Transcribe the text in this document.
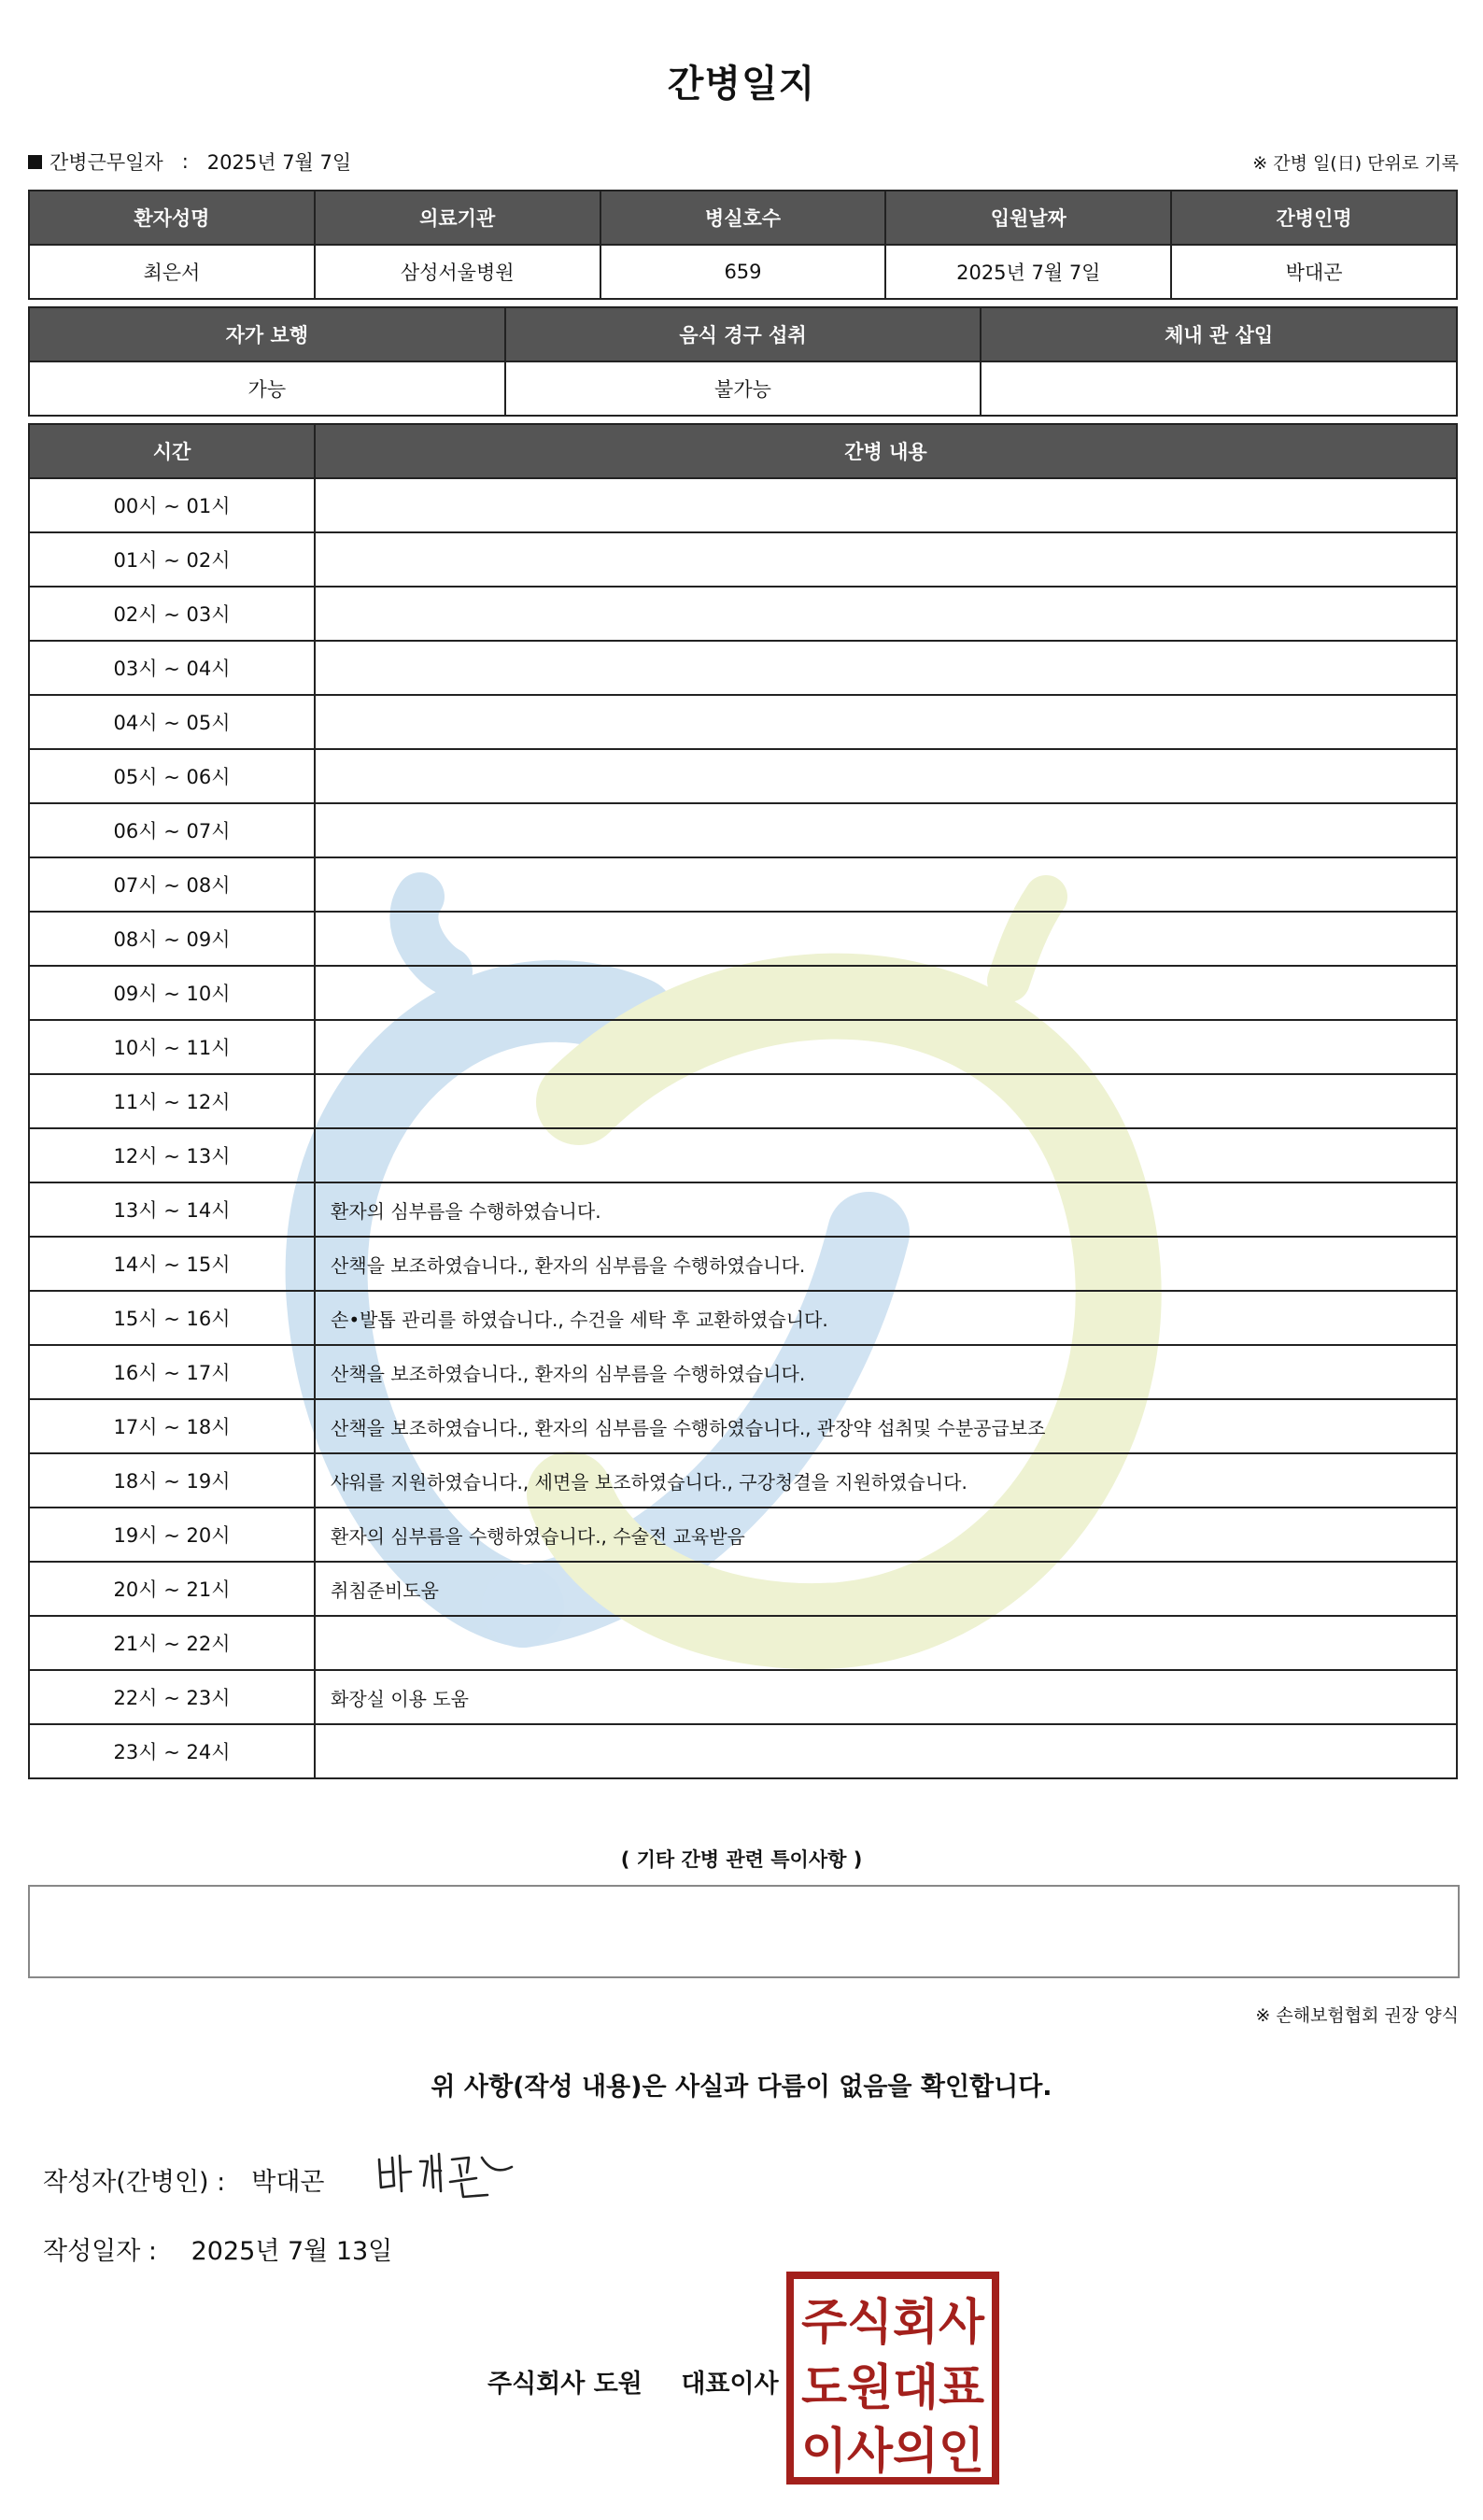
간병일지
간병근무일자 : 2025년 7월 7일	※ 간병 일(日) 단위로 기록
환자성명	의료기관	병실호수	입원날짜	간병인명
최은서	삼성서울병원	659	2025년 7월 7일	박대곤
자가 보행	음식 경구 섭취	체내 관 삽입
가능	불가능	
시간	간병 내용
00시 ~ 01시	
01시 ~ 02시	
02시 ~ 03시	
03시 ~ 04시	
04시 ~ 05시	
05시 ~ 06시	
06시 ~ 07시	
07시 ~ 08시	
08시 ~ 09시	
09시 ~ 10시	
10시 ~ 11시	
11시 ~ 12시	
12시 ~ 13시	
13시 ~ 14시	환자의 심부름을 수행하였습니다.
14시 ~ 15시	산책을 보조하였습니다., 환자의 심부름을 수행하였습니다.
15시 ~ 16시	손•발톱 관리를 하였습니다., 수건을 세탁 후 교환하였습니다.
16시 ~ 17시	산책을 보조하였습니다., 환자의 심부름을 수행하였습니다.
17시 ~ 18시	산책을 보조하였습니다., 환자의 심부름을 수행하였습니다., 관장약 섭취및 수분공급보조
18시 ~ 19시	샤워를 지원하였습니다., 세면을 보조하였습니다., 구강청결을 지원하였습니다.
19시 ~ 20시	환자의 심부름을 수행하였습니다., 수술전 교육받음
20시 ~ 21시	취침준비도움
21시 ~ 22시	
22시 ~ 23시	화장실 이용 도움
23시 ~ 24시	
( 기타 간병 관련 특이사항 )
※ 손해보험협회 권장 양식
위 사항(작성 내용)은 사실과 다름이 없음을 확인합니다.
작성자(간병인) : 박대곤
작성일자 : 2025년 7월 13일
주식회사 도원 대표이사
주식회사
도원대표
이사의인
